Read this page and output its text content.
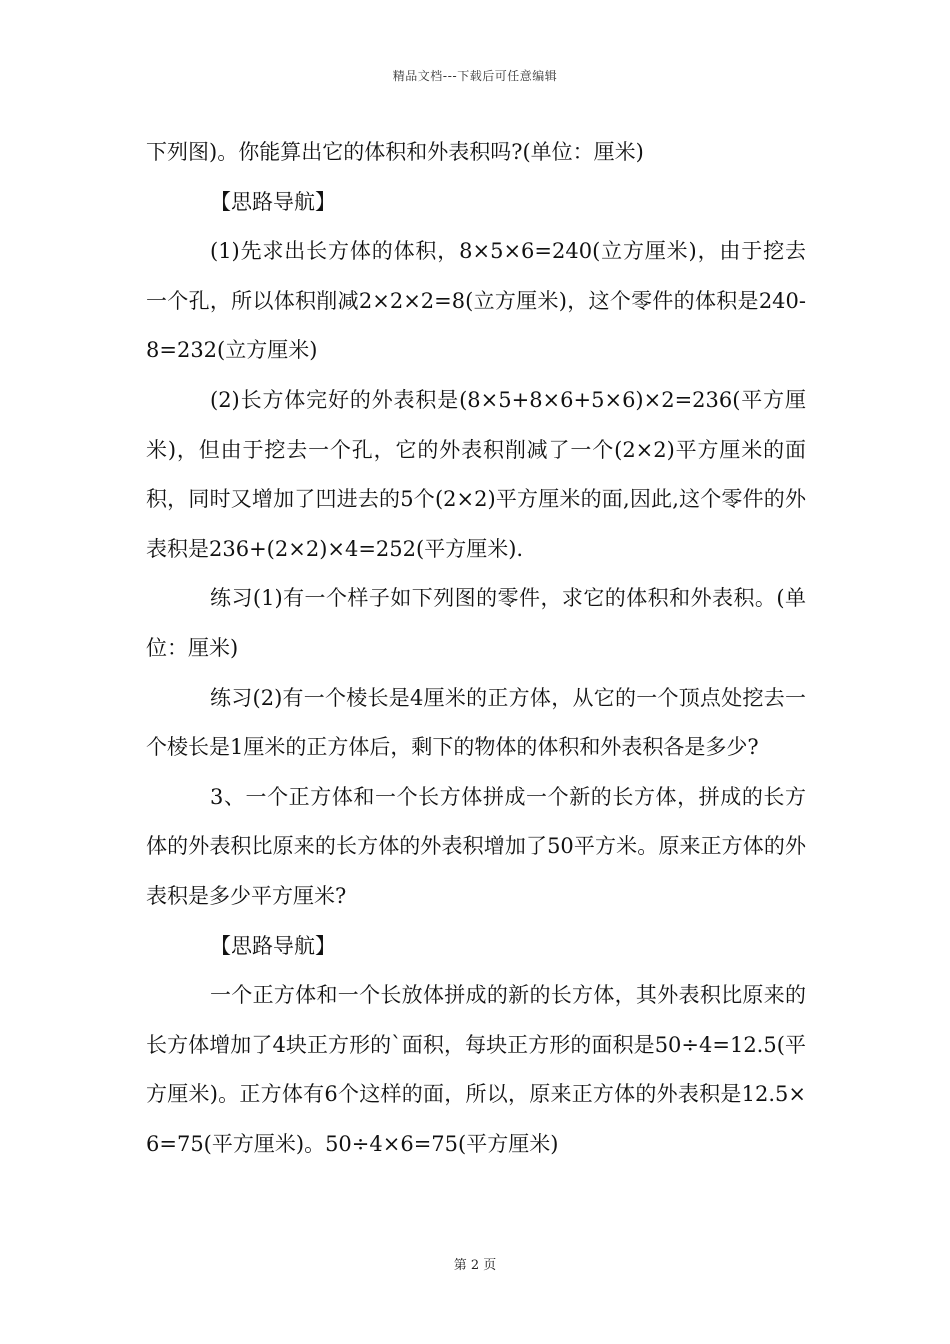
精品文档---下载后可任意编辑

下列图)。你能算出它的体积和外表积吗?(单位：厘米)

【思路导航】

(1)先求出长方体的体积，8×5×6=240(立方厘米)，由于挖去一个孔，所以体积削减2×2×2=8(立方厘米)，这个零件的体积是240-8=232(立方厘米)

(2)长方体完好的外表积是(8×5+8×6+5×6)×2=236(平方厘米)，但由于挖去一个孔，它的外表积削减了一个(2×2)平方厘米的面积，同时又增加了凹进去的5个(2×2)平方厘米的面,因此,这个零件的外表积是236+(2×2)×4=252(平方厘米).

练习(1)有一个样子如下列图的零件，求它的体积和外表积。(单位：厘米)

练习(2)有一个棱长是4厘米的正方体，从它的一个顶点处挖去一个棱长是1厘米的正方体后，剩下的物体的体积和外表积各是多少?

3、一个正方体和一个长方体拼成一个新的长方体，拼成的长方体的外表积比原来的长方体的外表积增加了50平方米。原来正方体的外表积是多少平方厘米?

【思路导航】

一个正方体和一个长放体拼成的新的长方体，其外表积比原来的长方体增加了4块正方形的`面积，每块正方形的面积是50÷4=12.5(平方厘米)。正方体有6个这样的面，所以，原来正方体的外表积是12.5×6=75(平方厘米)。50÷4×6=75(平方厘米)

第 2 页
